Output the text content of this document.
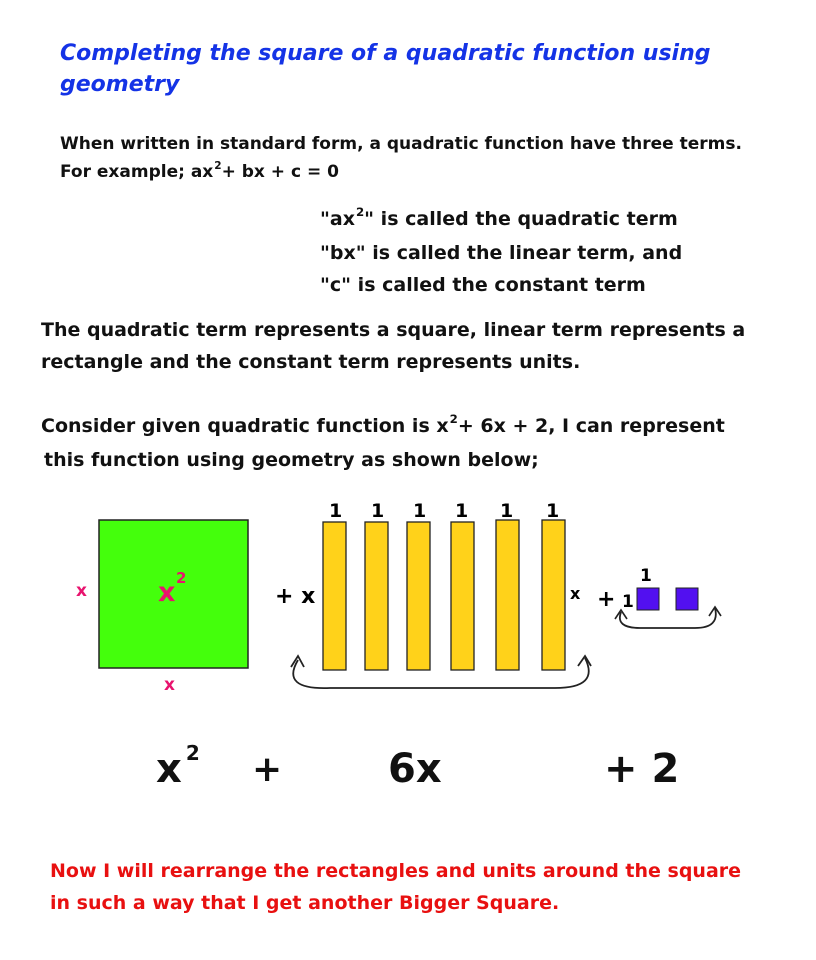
Completing the square of a quadratic function using
geometry
When written in standard form, a quadratic function have three terms.
For example; $ax^2+$ bx + c = 0
"$ax^2$" is called the quadratic term
"bx" is called the linear term, and
"c" is called the constant term
The quadratic term represents a square, linear term represents a
rectangle and the constant term represents units.
Consider given quadratic function is $x^2+ 6x + 2$, I can represent
this function using geometry as shown below;
x 2
x
x
+ x
1 1 1 1 1 1
x + 1
1
x $^2$ +	6x	+ 2
Now I will rearrange the rectangles and units around the square
in such a way that I get another Bigger Square.
